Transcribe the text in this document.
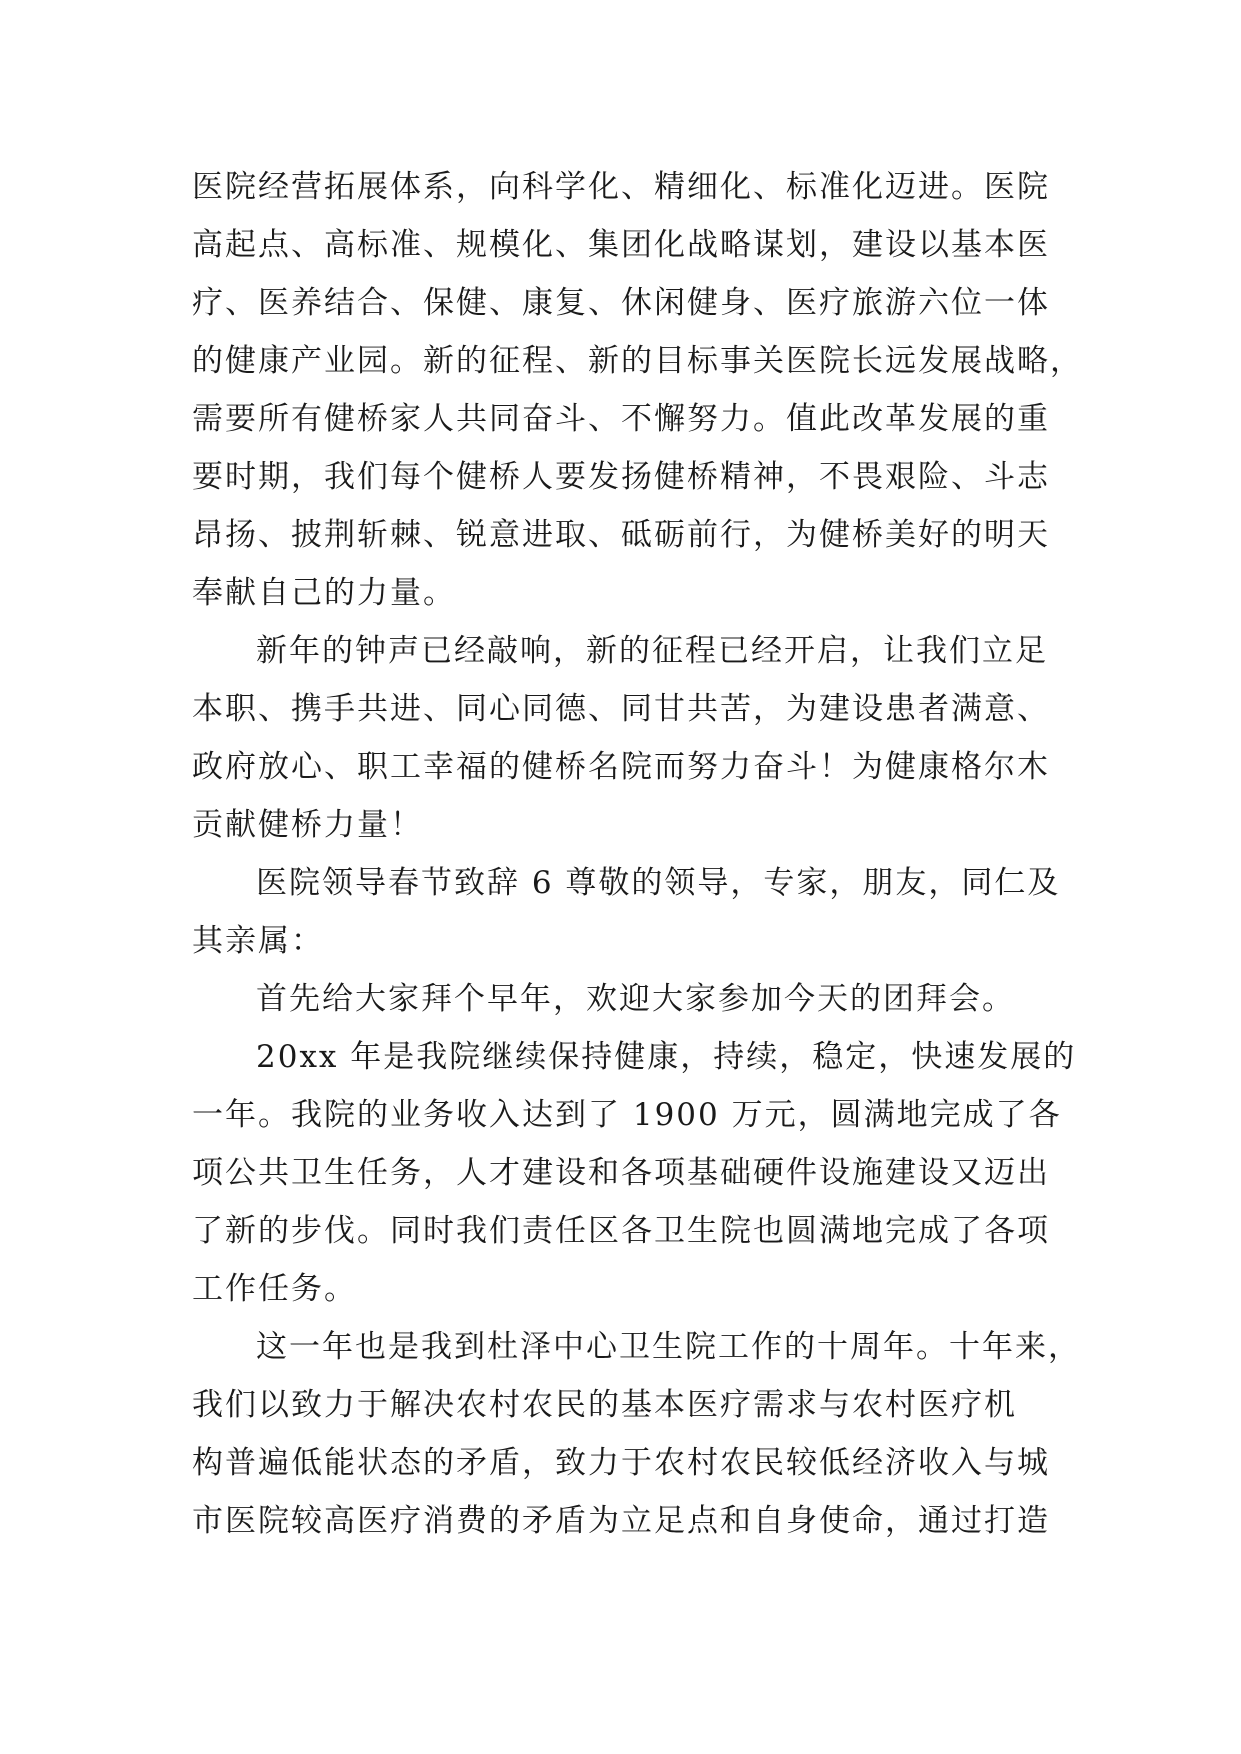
医院经营拓展体系，向科学化、精细化、标准化迈进。医院
高起点、高标准、规模化、集团化战略谋划，建设以基本医
疗、医养结合、保健、康复、休闲健身、医疗旅游六位一体
的健康产业园。新的征程、新的目标事关医院长远发展战略，
需要所有健桥家人共同奋斗、不懈努力。值此改革发展的重
要时期，我们每个健桥人要发扬健桥精神，不畏艰险、斗志
昂扬、披荆斩棘、锐意进取、砥砺前行，为健桥美好的明天
奉献自己的力量。
新年的钟声已经敲响，新的征程已经开启，让我们立足
本职、携手共进、同心同德、同甘共苦，为建设患者满意、
政府放心、职工幸福的健桥名院而努力奋斗！为健康格尔木
贡献健桥力量！
医院领导春节致辞 6 尊敬的领导，专家，朋友，同仁及
其亲属：
首先给大家拜个早年，欢迎大家参加今天的团拜会。
20xx 年是我院继续保持健康，持续，稳定，快速发展的
一年。我院的业务收入达到了 1900 万元，圆满地完成了各
项公共卫生任务，人才建设和各项基础硬件设施建设又迈出
了新的步伐。同时我们责任区各卫生院也圆满地完成了各项
工作任务。
这一年也是我到杜泽中心卫生院工作的十周年。十年来，
我们以致力于解决农村农民的基本医疗需求与农村医疗机
构普遍低能状态的矛盾，致力于农村农民较低经济收入与城
市医院较高医疗消费的矛盾为立足点和自身使命，通过打造
